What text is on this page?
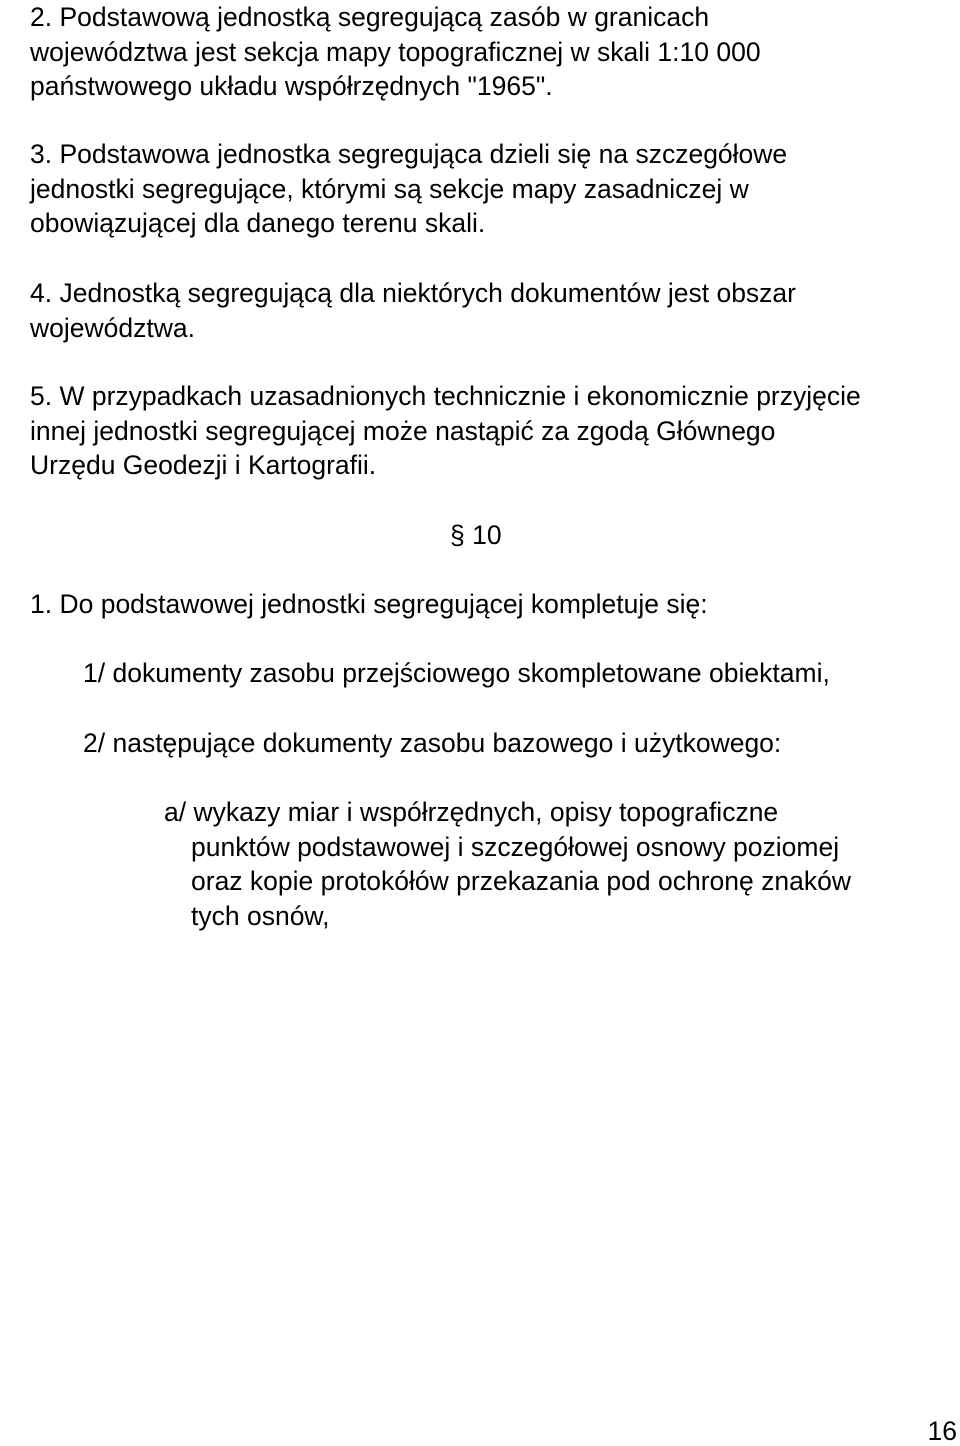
2. Podstawową jednostką segregującą zasób w granicach
województwa jest sekcja mapy topograficznej w skali 1:10 000
państwowego układu współrzędnych "1965".

3. Podstawowa jednostka segregująca dzieli się na szczegółowe
jednostki segregujące, którymi są sekcje mapy zasadniczej w
obowiązującej dla danego terenu skali.

4. Jednostką segregującą dla niektórych dokumentów jest obszar
województwa.

5. W przypadkach uzasadnionych technicznie i ekonomicznie przyjęcie
innej jednostki segregującej może nastąpić za zgodą Głównego
Urzędu Geodezji i Kartografii.

§ 10

1. Do podstawowej jednostki segregującej kompletuje się:

1/ dokumenty zasobu przejściowego skompletowane obiektami,

2/ następujące dokumenty zasobu bazowego i użytkowego:

a/ wykazy miar i współrzędnych, opisy topograficzne
punktów podstawowej i szczegółowej osnowy poziomej
oraz kopie protokółów przekazania pod ochronę znaków
tych osnów,

16
